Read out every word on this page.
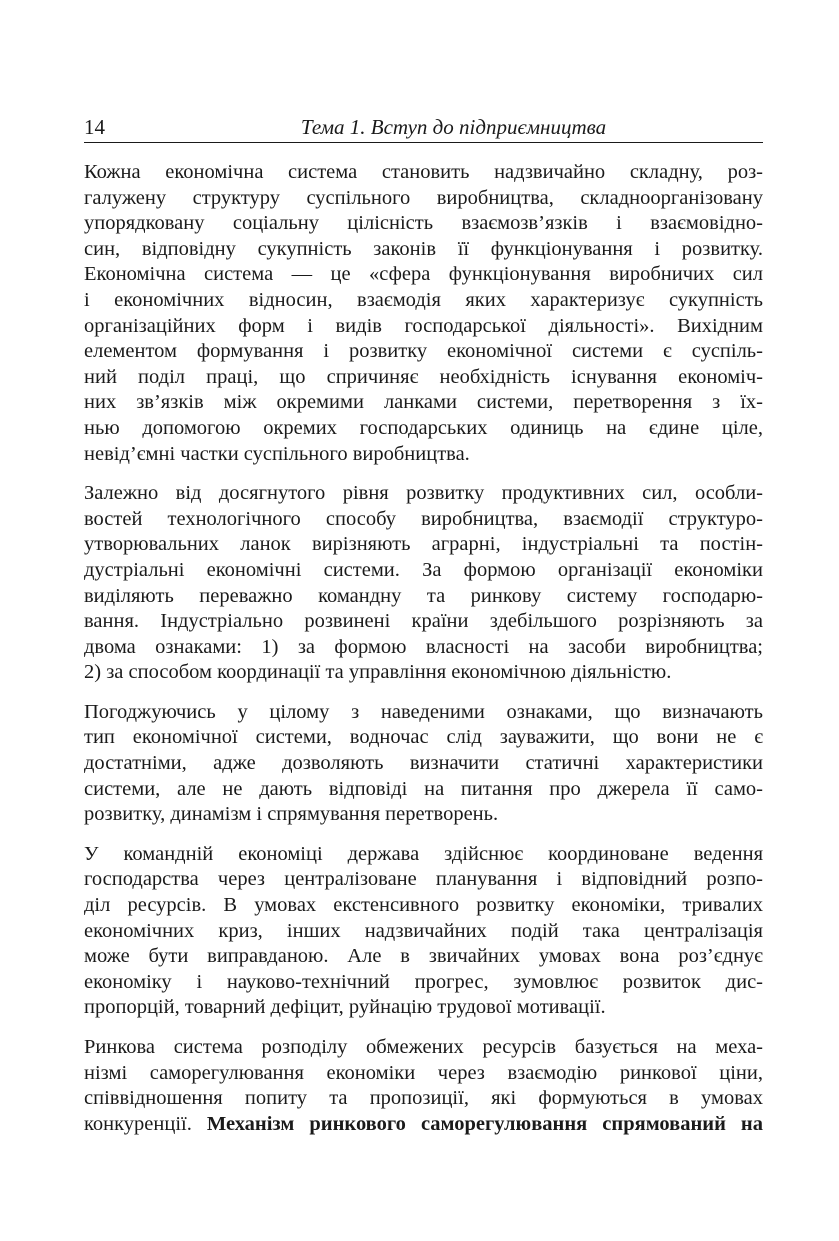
14	Тема 1. Вступ до підприємництва

Кожна економічна система становить надзвичайно складну, роз-
галужену структуру суспільного виробництва, складноорганізовану
упорядковану соціальну цілісність взаємозв’язків і взаємовідно-
син, відповідну сукупність законів її функціонування і розвитку.
Економічна система — це «сфера функціонування виробничих сил
і економічних відносин, взаємодія яких характеризує сукупність
організаційних форм і видів господарської діяльності». Вихідним
елементом формування і розвитку економічної системи є суспіль-
ний поділ праці, що спричиняє необхідність існування економіч-
них зв’язків між окремими ланками системи, перетворення з їх-
нью допомогою окремих господарських одиниць на єдине ціле,
невід’ємні частки суспільного виробництва.

Залежно від досягнутого рівня розвитку продуктивних сил, особли-
востей технологічного способу виробництва, взаємодії структуро-
утворювальних ланок вирізняють аграрні, індустріальні та постін-
дустріальні економічні системи. За формою організації економіки
виділяють переважно командну та ринкову систему господарю-
вання. Індустріально розвинені країни здебільшого розрізняють за
двома ознаками: 1) за формою власності на засоби виробництва;
2) за способом координації та управління економічною діяльністю.

Погоджуючись у цілому з наведеними ознаками, що визначають
тип економічної системи, водночас слід зауважити, що вони не є
достатніми, адже дозволяють визначити статичні характеристики
системи, але не дають відповіді на питання про джерела її само-
розвитку, динамізм і спрямування перетворень.

У командній економіці держава здійснює координоване ведення
господарства через централізоване планування і відповідний розпо-
діл ресурсів. В умовах екстенсивного розвитку економіки, тривалих
економічних криз, інших надзвичайних подій така централізація
може бути виправданою. Але в звичайних умовах вона роз’єднує
економіку і науково-технічний прогрес, зумовлює розвиток дис-
пропорцій, товарний дефіцит, руйнацію трудової мотивації.

Ринкова система розподілу обмежених ресурсів базується на меха-
нізмі саморегулювання економіки через взаємодію ринкової ціни,
співвідношення попиту та пропозиції, які формуються в умовах
конкуренції. Механізм ринкового саморегулювання спрямований на
